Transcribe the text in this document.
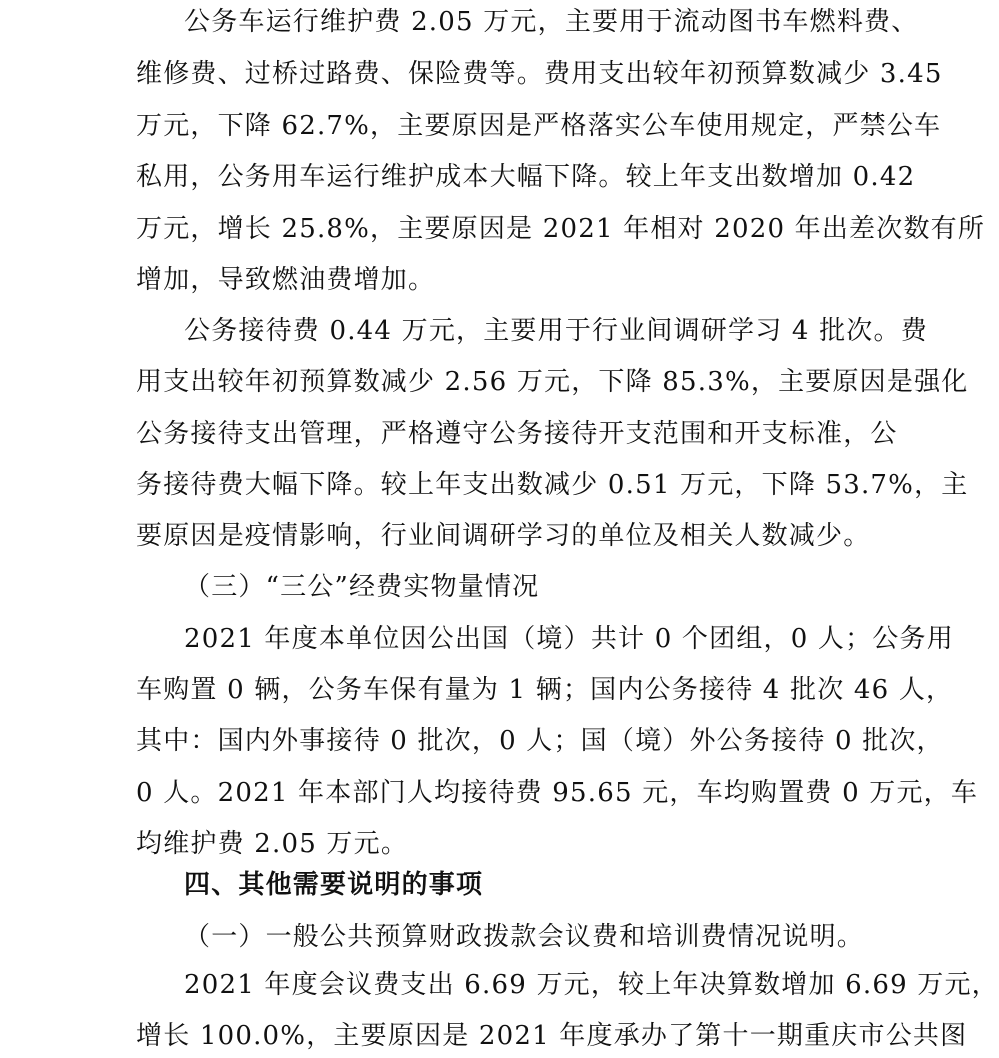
公务车运行维护费 2.05 万元，主要用于流动图书车燃料费、
维修费、过桥过路费、保险费等。费用支出较年初预算数减少 3.45
万元，下降 62.7%，主要原因是严格落实公车使用规定，严禁公车
私用，公务用车运行维护成本大幅下降。较上年支出数增加 0.42
万元，增长 25.8%，主要原因是 2021 年相对 2020 年出差次数有所
增加，导致燃油费增加。
公务接待费 0.44 万元，主要用于行业间调研学习 4 批次。费
用支出较年初预算数减少 2.56 万元，下降 85.3%，主要原因是强化
公务接待支出管理，严格遵守公务接待开支范围和开支标准，公
务接待费大幅下降。较上年支出数减少 0.51 万元，下降 53.7%，主
要原因是疫情影响，行业间调研学习的单位及相关人数减少。
（三）“三公”经费实物量情况
2021 年度本单位因公出国（境）共计 0 个团组，0 人；公务用
车购置 0 辆，公务车保有量为 1 辆；国内公务接待 4 批次 46 人，
其中：国内外事接待 0 批次，0 人；国（境）外公务接待 0 批次，
0 人。2021 年本部门人均接待费 95.65 元，车均购置费 0 万元，车
均维护费 2.05 万元。
四、其他需要说明的事项
（一）一般公共预算财政拨款会议费和培训费情况说明。
2021 年度会议费支出 6.69 万元，较上年决算数增加 6.69 万元，
增长 100.0%，主要原因是 2021 年度承办了第十一期重庆市公共图
